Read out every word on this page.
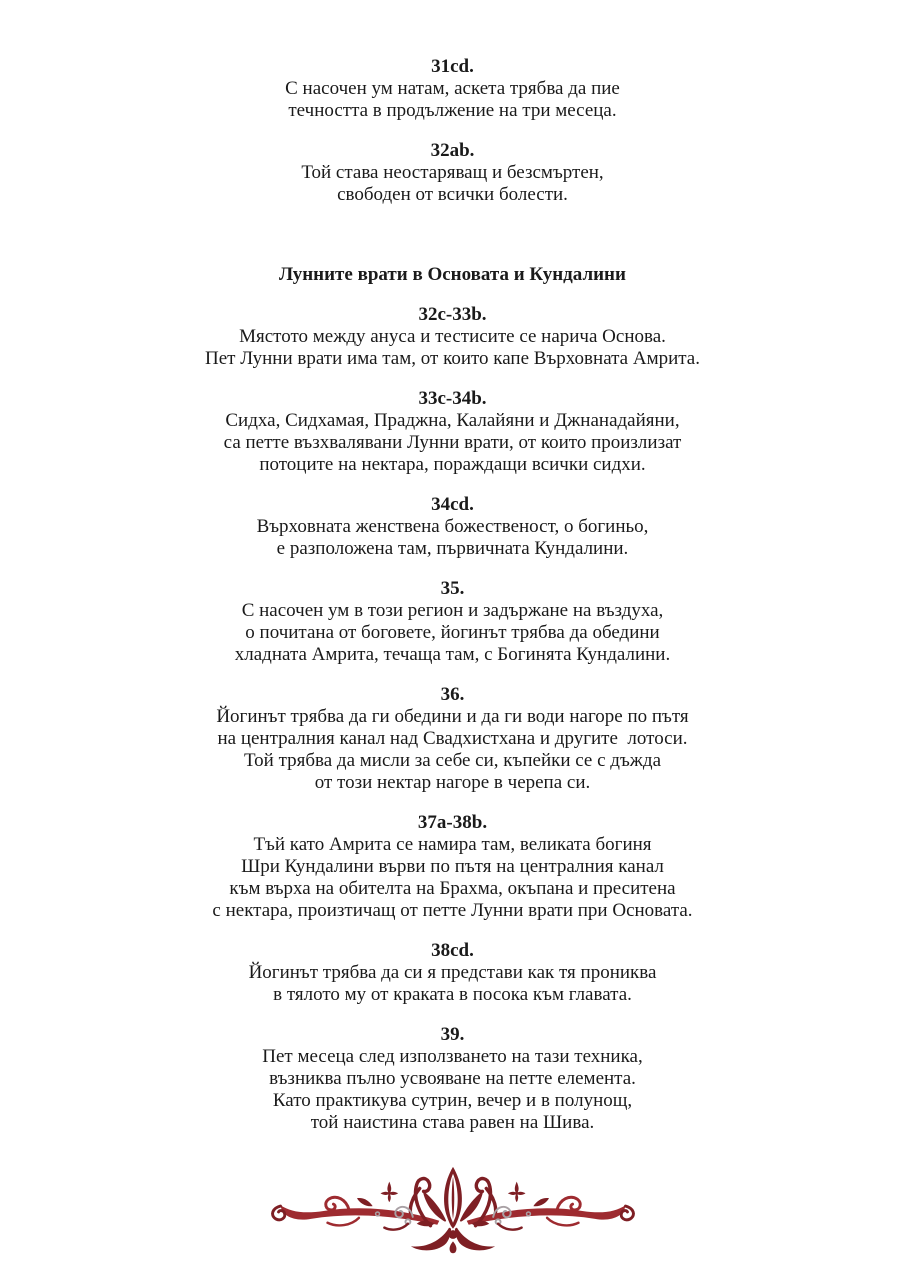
31cd.
С насочен ум натам, аскета трябва да пие
течността в продължение на три месеца.
32ab.
Той става неостаряващ и безсмъртен,
свободен от всички болести.
Лунните врати в Основата и Кундалини
32c-33b.
Мястото между ануса и тестисите се нарича Основа.
Пет Лунни врати има там, от които капе Върховната Амрита.
33c-34b.
Сидха, Сидхамая, Праджна, Калайяни и Джнанадайяни,
са петте възхвалявани Лунни врати, от които произлизат
потоците на нектара, пораждащи всички сидхи.
34cd.
Върховната женствена божественост, о богиньо,
е разположена там, първичната Кундалини.
35.
С насочен ум в този регион и задържане на въздуха,
о почитана от боговете, йогинът трябва да обедини
хладната Амрита, течаща там, с Богинята Кундалини.
36.
Йогинът трябва да ги обедини и да ги води нагоре по пътя
на централния канал над Свадхистхана и другите  лотоси.
Той трябва да мисли за себе си, къпейки се с дъжда
от този нектар нагоре в черепа си.
37a-38b.
Тъй като Амрита се намира там, великата богиня
Шри Кундалини върви по пътя на централния канал
към върха на обителта на Брахма, окъпана и преситена
с нектара, произтичащ от петте Лунни врати при Основата.
38cd.
Йогинът трябва да си я представи как тя прониква
в тялото му от краката в посока към главата.
39.
Пет месеца след използването на тази техника,
възниква пълно усвояване на петте елемента.
Като практикува сутрин, вечер и в полунощ,
той наистина става равен на Шива.
